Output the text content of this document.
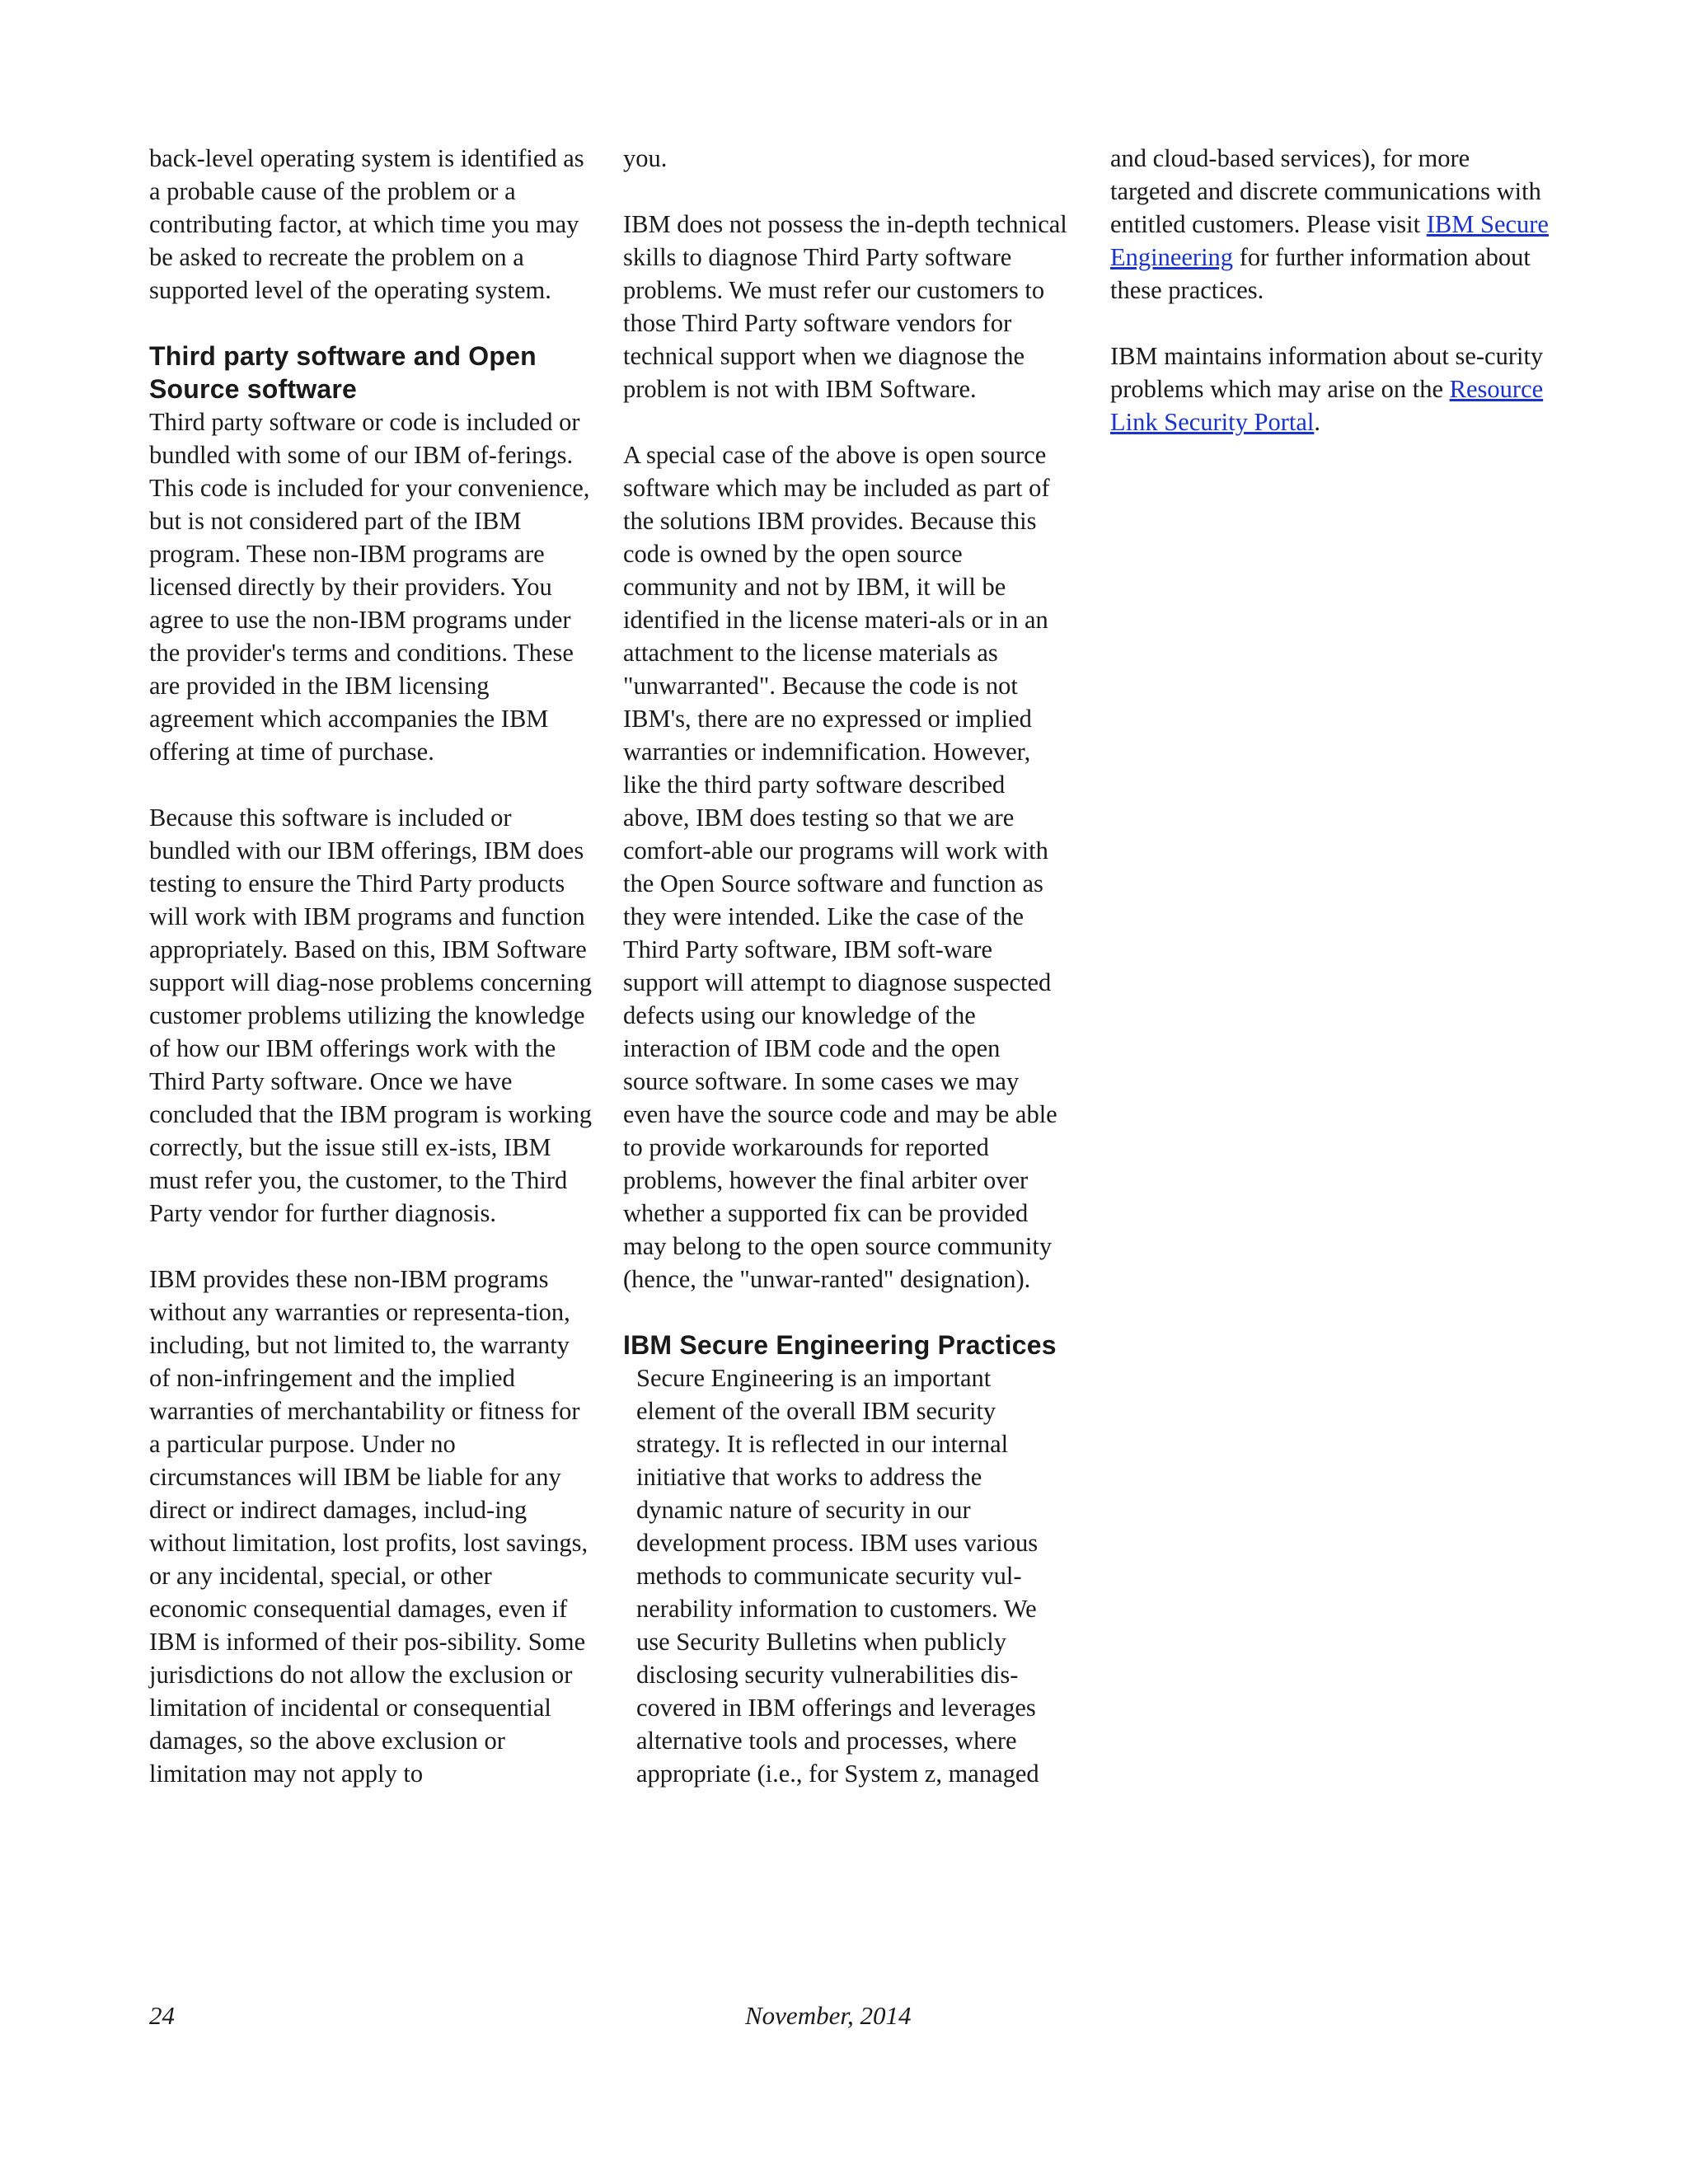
back-level operating system is identified as a probable cause of the problem or a contributing factor, at which time you may be asked to recreate the problem on a supported level of the operating system.

Third party software and Open Source software

Third party software or code is included or bundled with some of our IBM of-ferings. This code is included for your convenience, but is not considered part of the IBM program. These non-IBM programs are licensed directly by their providers. You agree to use the non-IBM programs under the provider's terms and conditions. These are provided in the IBM licensing agreement which accompanies the IBM offering at time of purchase.

Because this software is included or bundled with our IBM offerings, IBM does testing to ensure the Third Party products will work with IBM programs and function appropriately. Based on this, IBM Software support will diag-nose problems concerning customer problems utilizing the knowledge of how our IBM offerings work with the Third Party software. Once we have concluded that the IBM program is working correctly, but the issue still ex-ists, IBM must refer you, the customer, to the Third Party vendor for further diagnosis.

IBM provides these non-IBM programs without any warranties or representa-tion, including, but not limited to, the warranty of non-infringement and the implied warranties of merchantability or fitness for a particular purpose. Under no circumstances will IBM be liable for any direct or indirect damages, includ-ing without limitation, lost profits, lost savings, or any incidental, special, or other economic consequential damages, even if IBM is informed of their pos-sibility. Some jurisdictions do not allow the exclusion or limitation of incidental or consequential damages, so the above exclusion or limitation may not apply to

you.

IBM does not possess the in-depth technical skills to diagnose Third Party software problems. We must refer our customers to those Third Party software vendors for technical support when we diagnose the problem is not with IBM Software.

A special case of the above is open source software which may be included as part of the solutions IBM provides. Because this code is owned by the open source community and not by IBM, it will be identified in the license materi-als or in an attachment to the license materials as "unwarranted". Because the code is not IBM's, there are no expressed or implied warranties or indemnification. However, like the third party software described above, IBM does testing so that we are comfort-able our programs will work with the Open Source software and function as they were intended. Like the case of the Third Party software, IBM soft-ware support will attempt to diagnose suspected defects using our knowledge of the interaction of IBM code and the open source software. In some cases we may even have the source code and may be able to provide workarounds for reported problems, however the final arbiter over whether a supported fix can be provided may belong to the open source community (hence, the "unwar-ranted" designation).

IBM Secure Engineering Practices

Secure Engineering is an important element of the overall IBM security strategy. It is reflected in our internal initiative that works to address the dynamic nature of security in our development process. IBM uses various methods to communicate security vul-nerability information to customers. We use Security Bulletins when publicly disclosing security vulnerabilities dis-covered in IBM offerings and leverages alternative tools and processes, where appropriate (i.e., for System z, managed

and cloud-based services), for more targeted and discrete communications with entitled customers. Please visit IBM Secure Engineering for further information about these practices.

IBM maintains information about se-curity problems which may arise on the Resource Link Security Portal.

24	November, 2014
